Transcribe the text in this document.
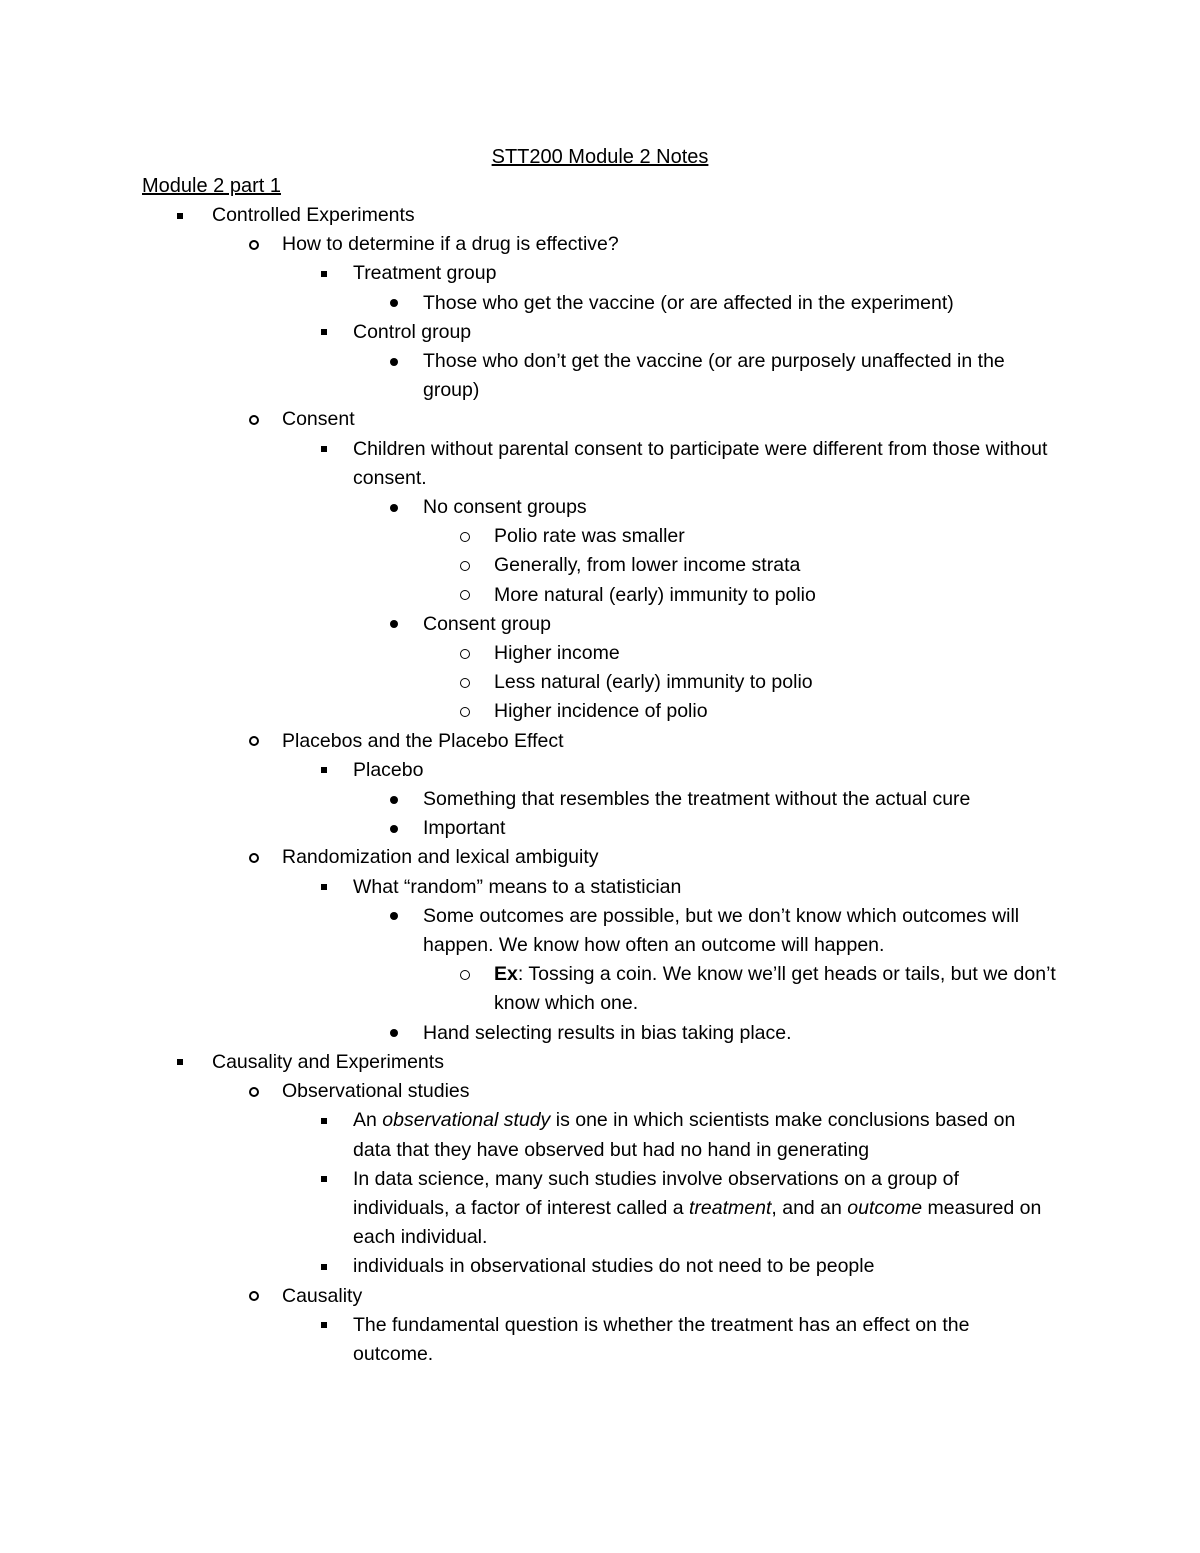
STT200 Module 2 Notes
Module 2 part 1
Controlled Experiments
How to determine if a drug is effective?
Treatment group
Those who get the vaccine (or are affected in the experiment)
Control group
Those who don’t get the vaccine (or are purposely unaffected in the group)
Consent
Children without parental consent to participate were different from those without consent.
No consent groups
Polio rate was smaller
Generally, from lower income strata
More natural (early) immunity to polio
Consent group
Higher income
Less natural (early) immunity to polio
Higher incidence of polio
Placebos and the Placebo Effect
Placebo
Something that resembles the treatment without the actual cure
Important
Randomization and lexical ambiguity
What “random” means to a statistician
Some outcomes are possible, but we don’t know which outcomes will happen. We know how often an outcome will happen.
Ex: Tossing a coin. We know we’ll get heads or tails, but we don’t know which one.
Hand selecting results in bias taking place.
Causality and Experiments
Observational studies
An observational study is one in which scientists make conclusions based on data that they have observed but had no hand in generating
In data science, many such studies involve observations on a group of individuals, a factor of interest called a treatment, and an outcome measured on each individual.
individuals in observational studies do not need to be people
Causality
The fundamental question is whether the treatment has an effect on the outcome.
